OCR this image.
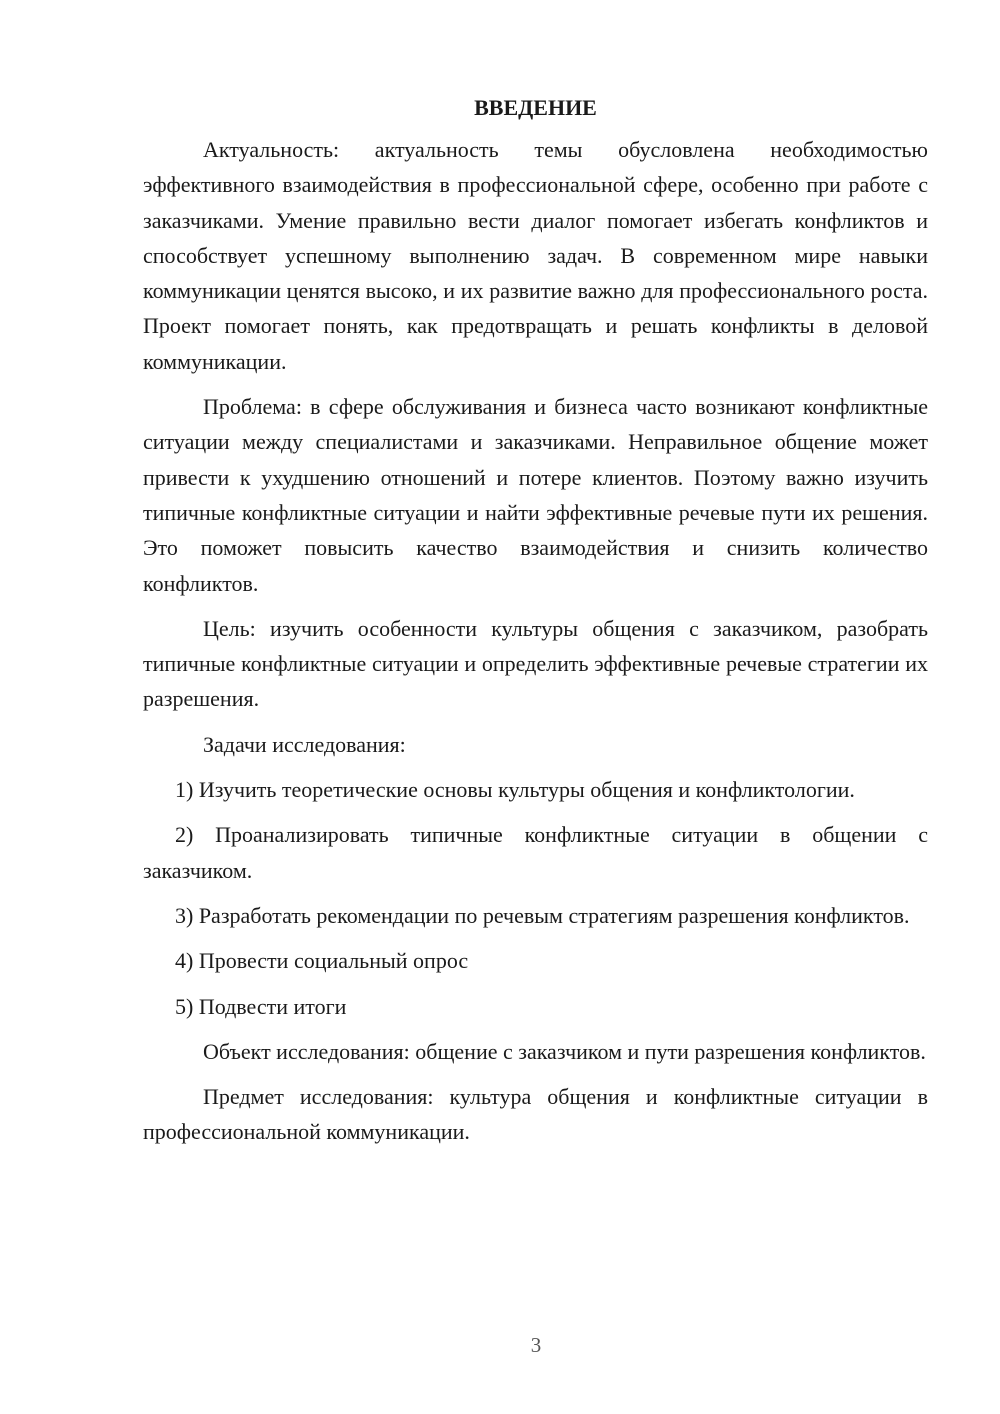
ВВЕДЕНИЕ

Актуальность: актуальность темы обусловлена необходимостью эффективного взаимодействия в профессиональной сфере, особенно при работе с заказчиками. Умение правильно вести диалог помогает избегать конфликтов и способствует успешному выполнению задач. В современном мире навыки коммуникации ценятся высоко, и их развитие важно для профессионального роста. Проект помогает понять, как предотвращать и решать конфликты в деловой коммуникации.

Проблема: в сфере обслуживания и бизнеса часто возникают конфликтные ситуации между специалистами и заказчиками. Неправильное общение может привести к ухудшению отношений и потере клиентов. Поэтому важно изучить типичные конфликтные ситуации и найти эффективные речевые пути их решения. Это поможет повысить качество взаимодействия и снизить количество конфликтов.

Цель: изучить особенности культуры общения с заказчиком, разобрать типичные конфликтные ситуации и определить эффективные речевые стратегии их разрешения.

Задачи исследования:

1) Изучить теоретические основы культуры общения и конфликтологии.

2) Проанализировать типичные конфликтные ситуации в общении с заказчиком.

3) Разработать рекомендации по речевым стратегиям разрешения конфликтов.

4) Провести социальный опрос

5) Подвести итоги

Объект исследования: общение с заказчиком и пути разрешения конфликтов.

Предмет исследования: культура общения и конфликтные ситуации в профессиональной коммуникации.

3
